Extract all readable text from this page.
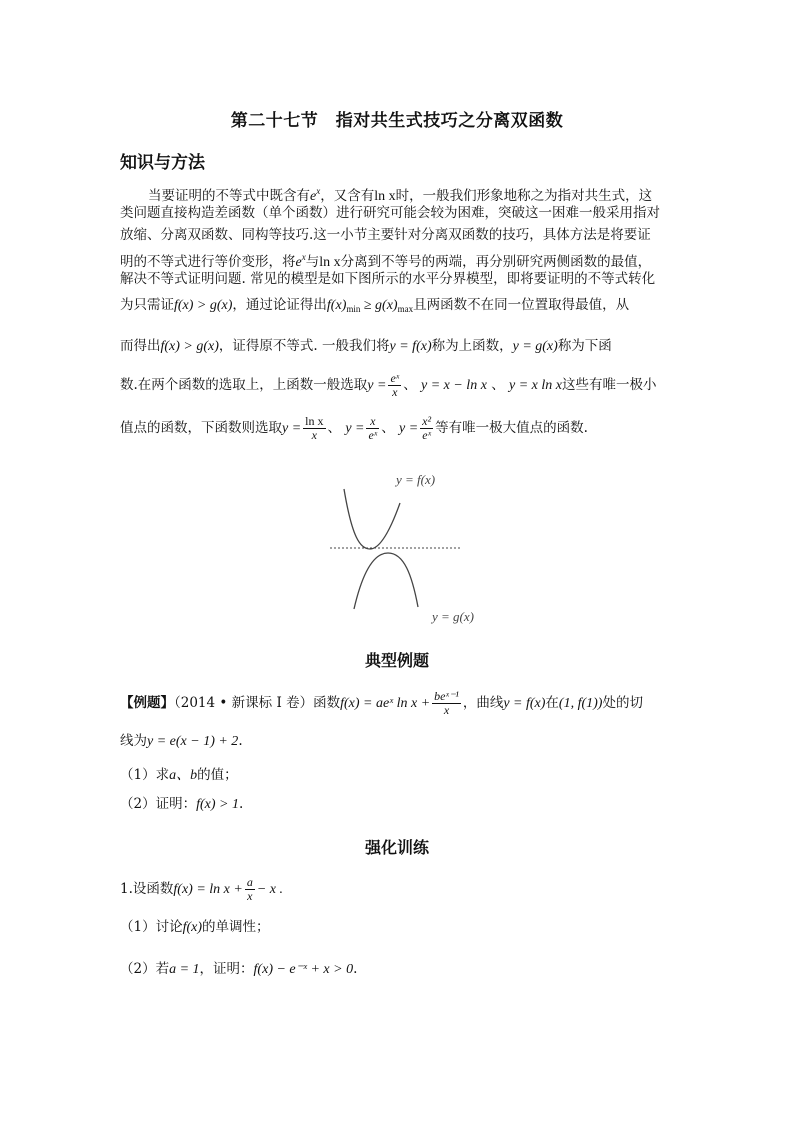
第二十七节　指对共生式技巧之分离双函数
知识与方法
当要证明的不等式中既含有$e^x$，又含有ln x时，一般我们形象地称之为指对共生式，这
类问题直接构造差函数（单个函数）进行研究可能会较为困难，突破这一困难一般采用指对
放缩、分离双函数、同构等技巧.这一小节主要针对分离双函数的技巧，具体方法是将要证
明的不等式进行等价变形，将$e^x$与ln x分离到不等号的两端，再分别研究两侧函数的最值，
解决不等式证明问题. 常见的模型是如下图所示的水平分界模型，即将要证明的不等式转化
为只需证f(x) > g(x)，通过论证得出$f(x)_{min} \ge g(x)_{max}$且两函数不在同一位置取得最值，从
而得出f(x) > g(x)，证得原不等式. 一般我们将y = f(x)称为上函数，y = g(x)称为下函
数.在两个函数的选取上，上函数一般选取$y = \frac{\text{eˣ}}{x}$ 、 y = x − ln x 、 y = x ln x这些有唯一极小
值点的函数，下函数则选取$y = \frac{\text{ln x}}{x}$ 、 $y = \frac{x}{\text{eˣ}}$ 、 $y = \frac{\text{x²}}{\text{eˣ}}$ 等有唯一极大值点的函数.
y = f(x)
y = g(x)
典型例题
【例题】（2014 • 新课标 I 卷）函数f(x) = aeˣ $\ln x + \frac{\text{beˣ⁻¹}}{x}$ ，曲线y = f(x)在(1, f(1))处的切
线为y = e(x − 1) + 2.
（1）求a、b的值；
（2）证明：f(x) > 1.
强化训练
1.设函数$f(x) = \ln x + \frac{a}{x} - x$ .
（1）讨论f(x)的单调性；
（2）若a = 1，证明：f(x) − e⁻ˣ + x > 0.
